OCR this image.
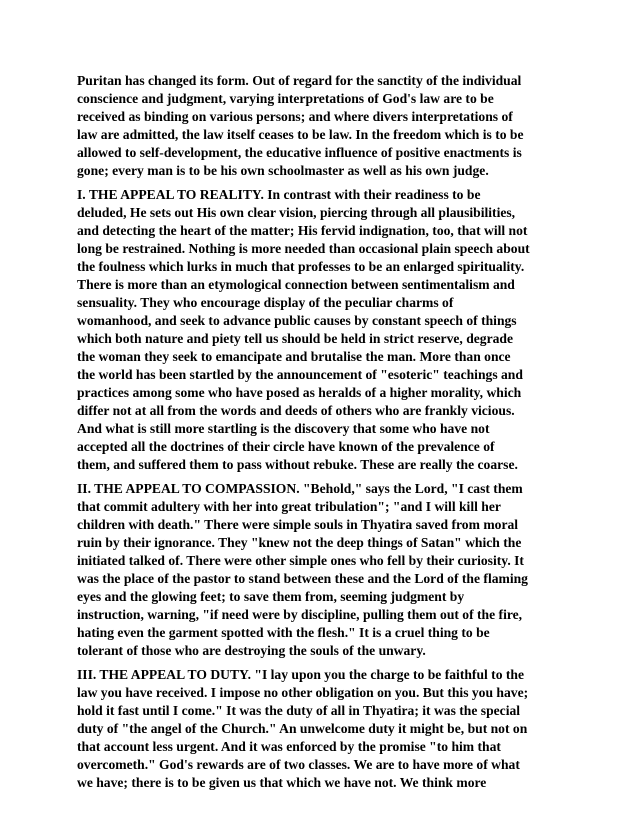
Puritan has changed its form. Out of regard for the sanctity of the individual
conscience and judgment, varying interpretations of God's law are to be
received as binding on various persons; and where divers interpretations of
law are admitted, the law itself ceases to be law. In the freedom which is to be
allowed to self-development, the educative influence of positive enactments is
gone; every man is to be his own schoolmaster as well as his own judge.

I. THE APPEAL TO REALITY. In contrast with their readiness to be
deluded, He sets out His own clear vision, piercing through all plausibilities,
and detecting the heart of the matter; His fervid indignation, too, that will not
long be restrained. Nothing is more needed than occasional plain speech about
the foulness which lurks in much that professes to be an enlarged spirituality.
There is more than an etymological connection between sentimentalism and
sensuality. They who encourage display of the peculiar charms of
womanhood, and seek to advance public causes by constant speech of things
which both nature and piety tell us should be held in strict reserve, degrade
the woman they seek to emancipate and brutalise the man. More than once
the world has been startled by the announcement of "esoteric" teachings and
practices among some who have posed as heralds of a higher morality, which
differ not at all from the words and deeds of others who are frankly vicious.
And what is still more startling is the discovery that some who have not
accepted all the doctrines of their circle have known of the prevalence of
them, and suffered them to pass without rebuke. These are really the coarse.

II. THE APPEAL TO COMPASSION. "Behold," says the Lord, "I cast them
that commit adultery with her into great tribulation"; "and I will kill her
children with death." There were simple souls in Thyatira saved from moral
ruin by their ignorance. They "knew not the deep things of Satan" which the
initiated talked of. There were other simple ones who fell by their curiosity. It
was the place of the pastor to stand between these and the Lord of the flaming
eyes and the glowing feet; to save them from, seeming judgment by
instruction, warning, "if need were by discipline, pulling them out of the fire,
hating even the garment spotted with the flesh." It is a cruel thing to be
tolerant of those who are destroying the souls of the unwary.

III. THE APPEAL TO DUTY. "I lay upon you the charge to be faithful to the
law you have received. I impose no other obligation on you. But this you have;
hold it fast until I come." It was the duty of all in Thyatira; it was the special
duty of "the angel of the Church." An unwelcome duty it might be, but not on
that account less urgent. And it was enforced by the promise "to him that
overcometh." God's rewards are of two classes. We are to have more of what
we have; there is to be given us that which we have not. We think more
